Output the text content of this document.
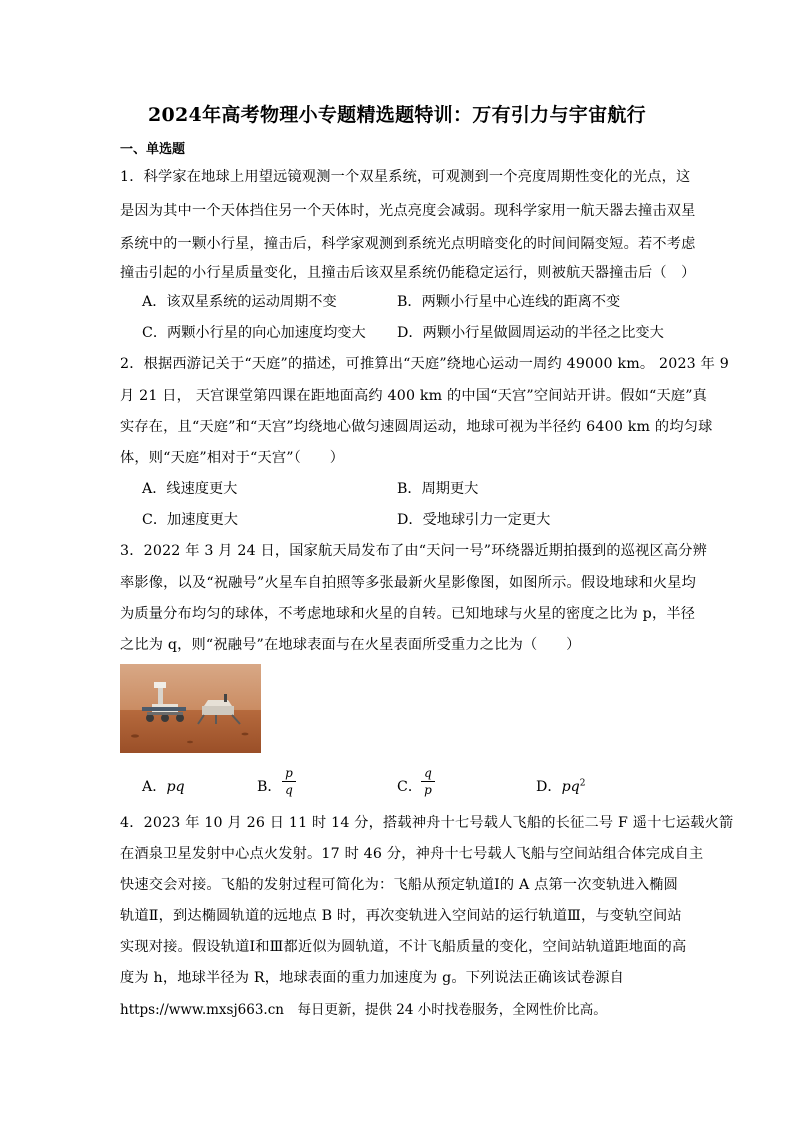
2024年高考物理小专题精选题特训：万有引力与宇宙航行
一、单选题
1．科学家在地球上用望远镜观测一个双星系统，可观测到一个亮度周期性变化的光点，这
是因为其中一个天体挡住另一个天体时，光点亮度会减弱。现科学家用一航天器去撞击双星
系统中的一颗小行星，撞击后，科学家观测到系统光点明暗变化的时间间隔变短。若不考虑
撞击引起的小行星质量变化，且撞击后该双星系统仍能稳定运行，则被航天器撞击后（　）
A．该双星系统的运动周期不变	B．两颗小行星中心连线的距离不变
C．两颗小行星的向心加速度均变大 D．两颗小行星做圆周运动的半径之比变大
2．根据西游记关于“天庭”的描述，可推算出“天庭”绕地心运动一周约 49000 km。 2023 年 9
月 21 日， 天宫课堂第四课在距地面高约 400 km 的中国“天宫”空间站开讲。假如“天庭”真
实存在，且“天庭”和“天宫”均绕地心做匀速圆周运动，地球可视为半径约 6400 km 的均匀球
体，则“天庭”相对于“天宫”（　　）
A．线速度更大	B．周期更大
C．加速度更大	D．受地球引力一定更大
3．2022 年 3 月 24 日，国家航天局发布了由“天问一号”环绕器近期拍摄到的巡视区高分辨
率影像，以及“祝融号”火星车自拍照等多张最新火星影像图，如图所示。假设地球和火星均
为质量分布均匀的球体，不考虑地球和火星的自转。已知地球与火星的密度之比为 p，半径
之比为 q，则“祝融号”在地球表面与在火星表面所受重力之比为（　　）
A．pq	B．
p
q	C．
q
p	D．$pq^2$
4．2023 年 10 月 26 日 11 时 14 分，搭载神舟十七号载人飞船的长征二号 F 遥十七运载火箭
在酒泉卫星发射中心点火发射。17 时 46 分，神舟十七号载人飞船与空间站组合体完成自主
快速交会对接。飞船的发射过程可简化为：飞船从预定轨道Ⅰ的 A 点第一次变轨进入椭圆
轨道Ⅱ，到达椭圆轨道的远地点 B 时，再次变轨进入空间站的运行轨道Ⅲ，与变轨空间站
实现对接。假设轨道Ⅰ和Ⅲ都近似为圆轨道，不计飞船质量的变化，空间站轨道距地面的高
度为 h，地球半径为 R，地球表面的重力加速度为 g。下列说法正确该试卷源自
https://www.mxsj663.cn　每日更新，提供 24 小时找卷服务，全网性价比高。
